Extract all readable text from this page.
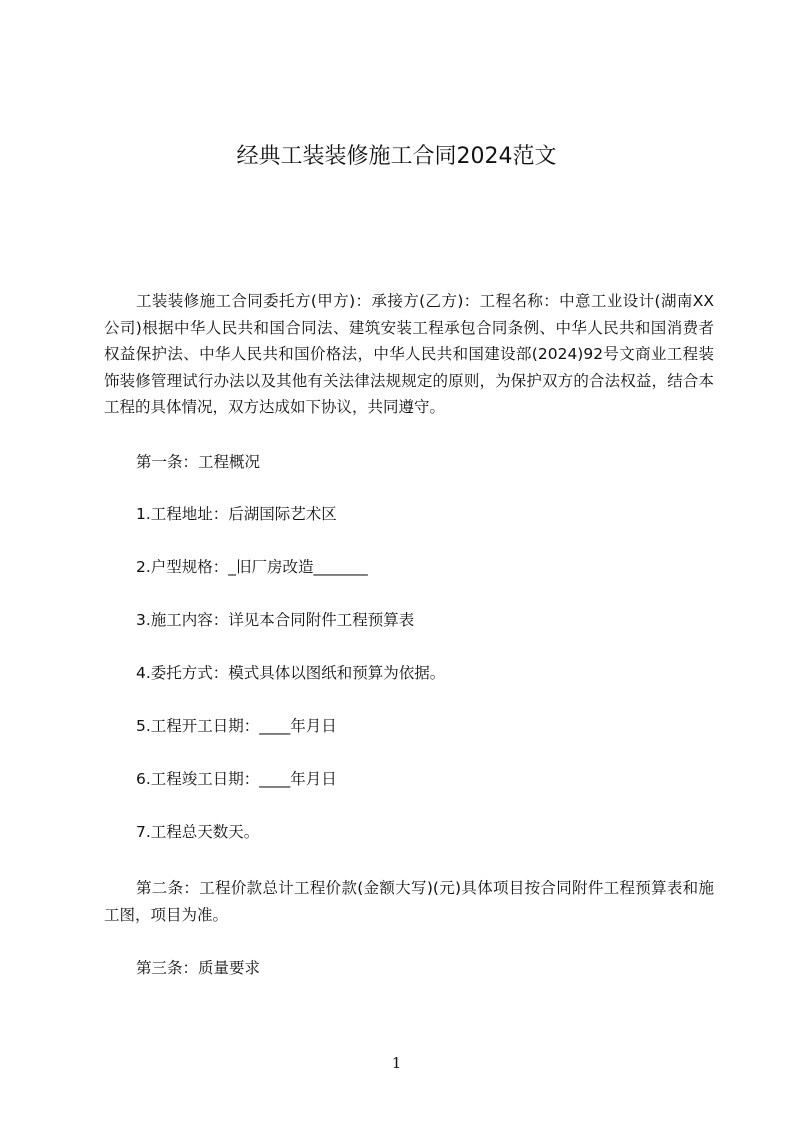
经典工装装修施工合同2024范文

工装装修施工合同委托方(甲方)：承接方(乙方)：工程名称：中意工业设计(湖南XX公司)根据中华人民共和国合同法、建筑安装工程承包合同条例、中华人民共和国消费者权益保护法、中华人民共和国价格法，中华人民共和国建设部(2024)92号文商业工程装饰装修管理试行办法以及其他有关法律法规规定的原则，为保护双方的合法权益，结合本工程的具体情况，双方达成如下协议，共同遵守。

第一条：工程概况
1.工程地址：后湖国际艺术区
2.户型规格：_旧厂房改造_______
3.施工内容：详见本合同附件工程预算表
4.委托方式：模式具体以图纸和预算为依据。
5.工程开工日期：____年月日
6.工程竣工日期：____年月日
7.工程总天数天。

第二条：工程价款总计工程价款(金额大写)(元)具体项目按合同附件工程预算表和施工图，项目为准。

第三条：质量要求
1
